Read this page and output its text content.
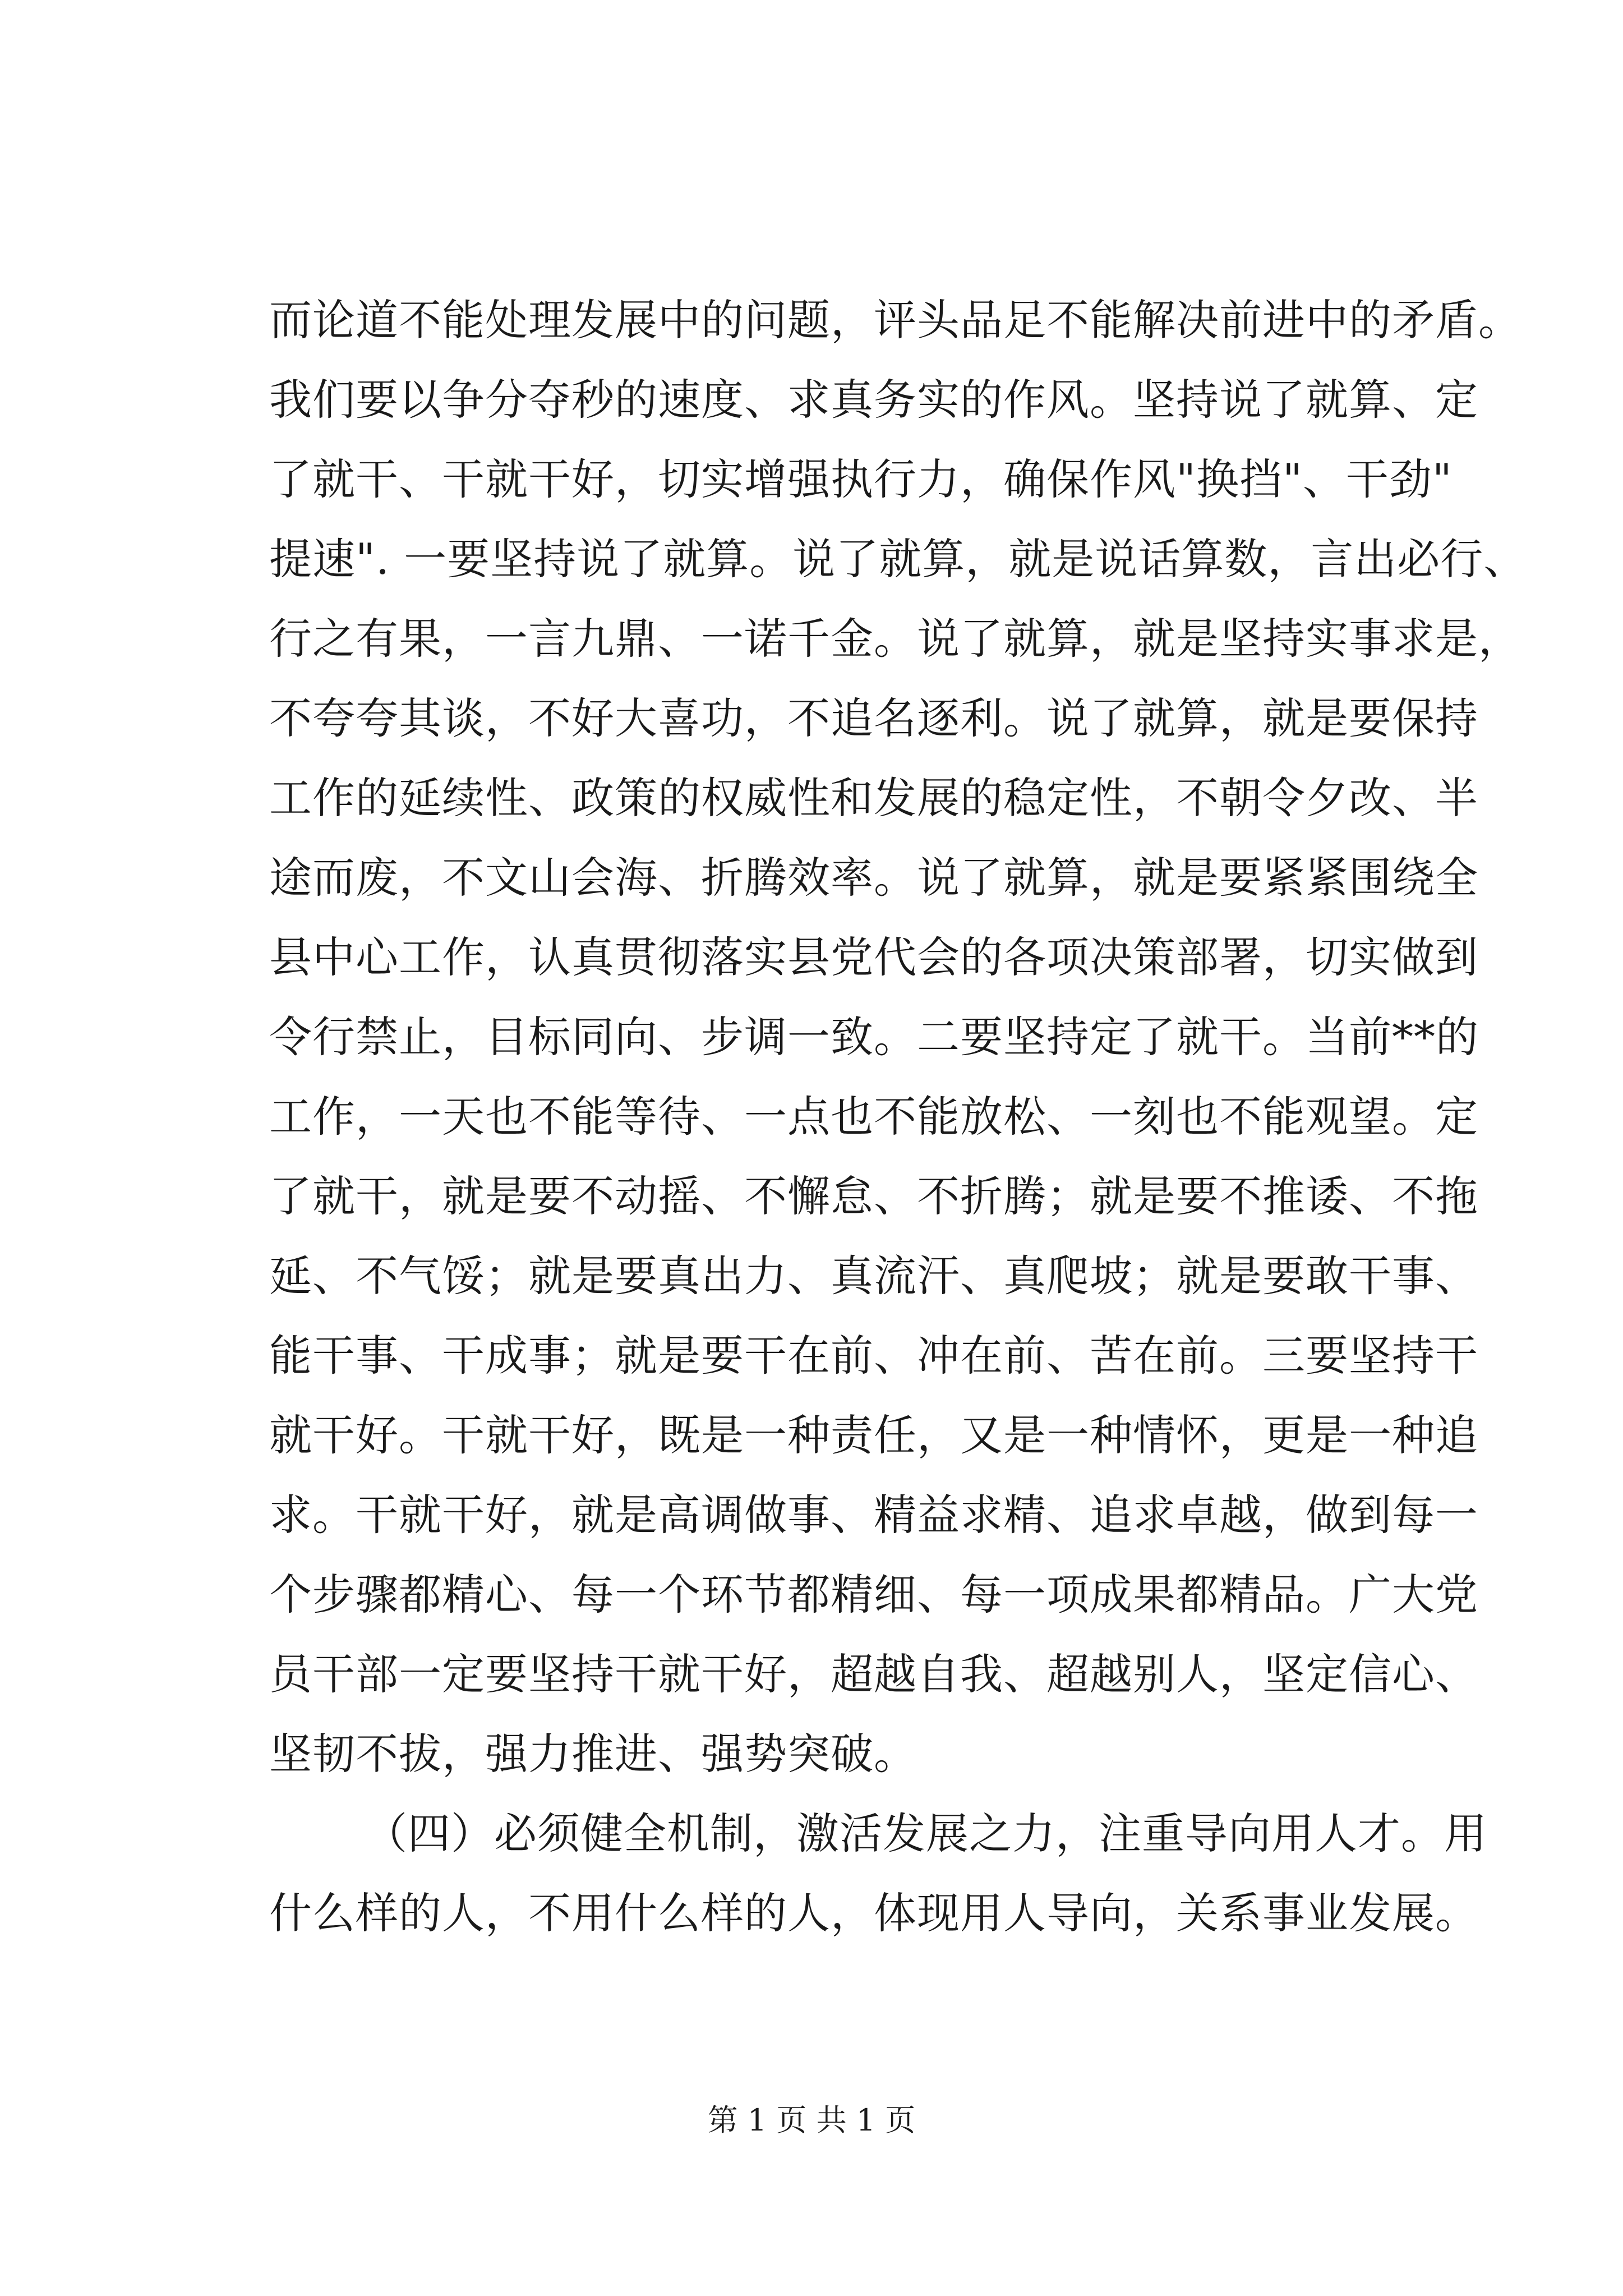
而论道不能处理发展中的问题，评头品足不能解决前进中的矛盾。
我们要以争分夺秒的速度、求真务实的作风。坚持说了就算、定
了就干、干就干好，切实增强执行力，确保作风"换挡"、干劲"
提速". 一要坚持说了就算。说了就算，就是说话算数，言出必行、
行之有果，一言九鼎、一诺千金。说了就算，就是坚持实事求是，
不夸夸其谈，不好大喜功，不追名逐利。说了就算，就是要保持
工作的延续性、政策的权威性和发展的稳定性，不朝令夕改、半
途而废，不文山会海、折腾效率。说了就算，就是要紧紧围绕全
县中心工作，认真贯彻落实县党代会的各项决策部署，切实做到
令行禁止，目标同向、步调一致。二要坚持定了就干。当前**的
工作，一天也不能等待、一点也不能放松、一刻也不能观望。定
了就干，就是要不动摇、不懈怠、不折腾；就是要不推诿、不拖
延、不气馁；就是要真出力、真流汗、真爬坡；就是要敢干事、
能干事、干成事；就是要干在前、冲在前、苦在前。三要坚持干
就干好。干就干好，既是一种责任，又是一种情怀，更是一种追
求。干就干好，就是高调做事、精益求精、追求卓越，做到每一
个步骤都精心、每一个环节都精细、每一项成果都精品。广大党
员干部一定要坚持干就干好，超越自我、超越别人，坚定信心、
坚韧不拔，强力推进、强势突破。
（四）必须健全机制，激活发展之力，注重导向用人才。用
什么样的人，不用什么样的人，体现用人导向，关系事业发展。
第 1 页 共 1 页
